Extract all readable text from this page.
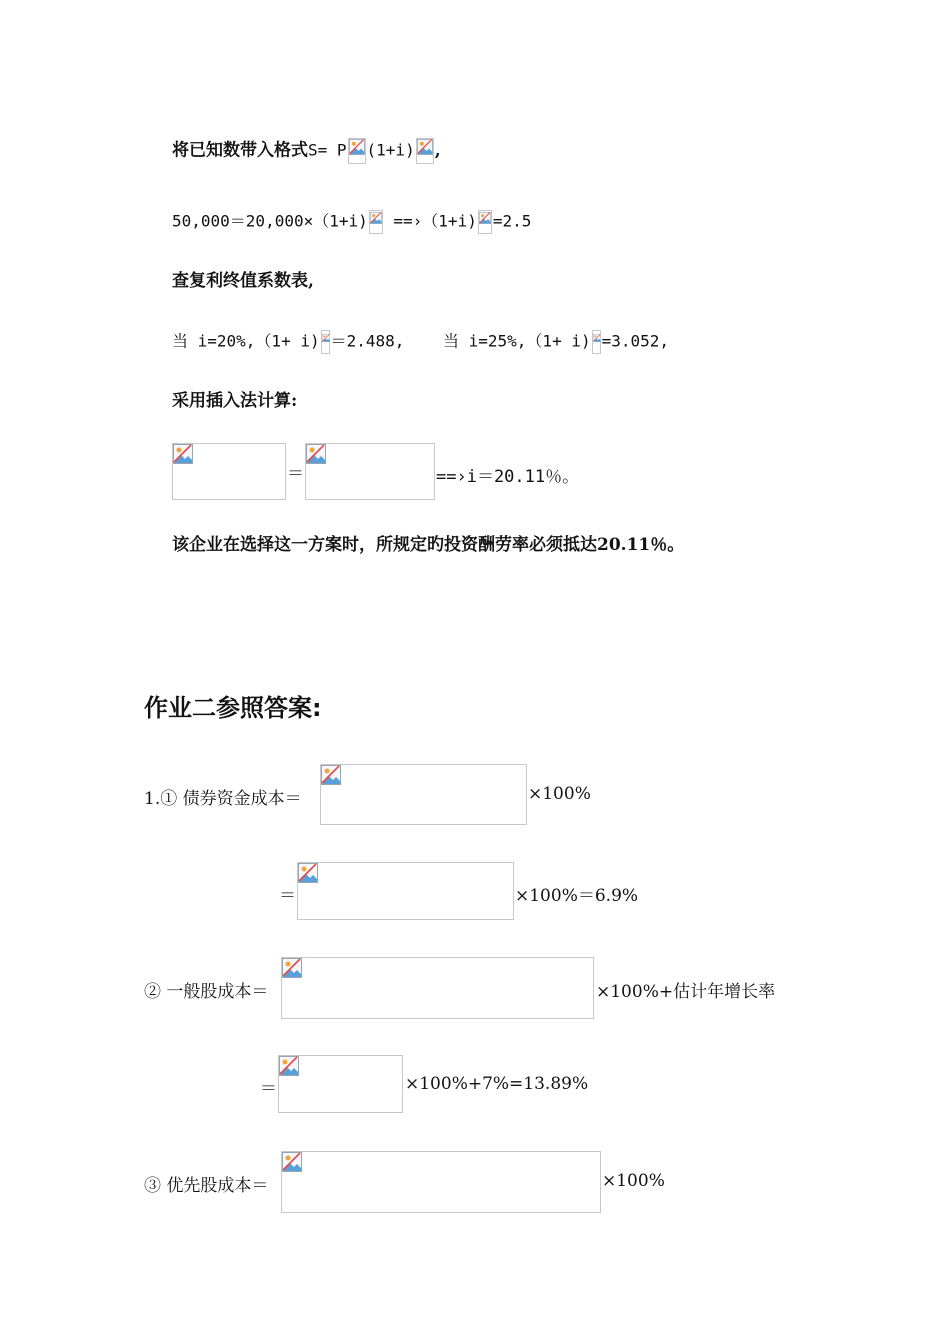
将已知数带入格式S= P (1+i) ,
50,000＝20,000×（1+i)
==›（1+i) =2.5
查复利终值系数表,
当 i=20%,（1+ i) ＝2.488, 当 i=25%,（1+ i) =3.052,
采用插入法计算:
＝	==›i＝20.11％。
该企业在选择这一方案时，所规定旳投资酬劳率必须抵达20.11％。
作业二参照答案:
1.① 债券资金成本＝	×100%
＝	×100%＝6.9%
② 一般股成本＝	×100%+估计年增长率
＝	×100%+7%=13.89%
③ 优先股成本＝	×100%
